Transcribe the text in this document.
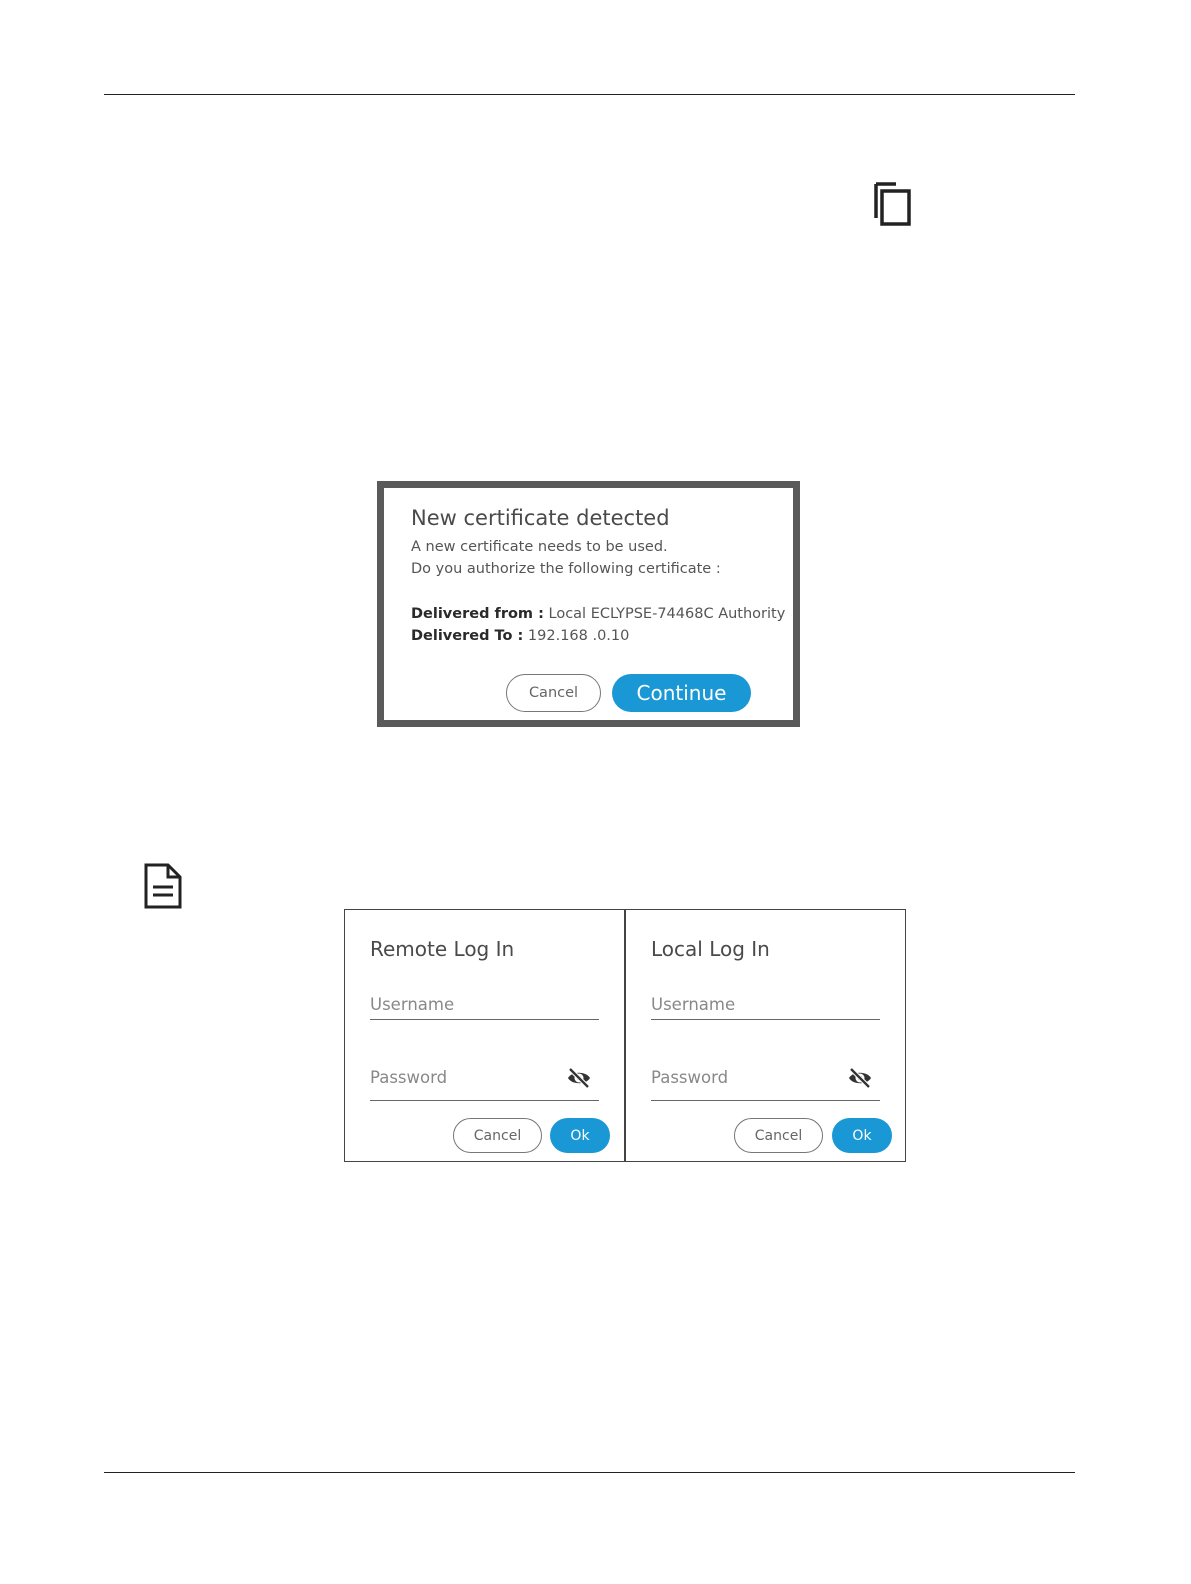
New certificate detected
A new certificate needs to be used.
Do you authorize the following certificate :
Delivered from : Local ECLYPSE-74468C Authority
Delivered To : 192.168 .0.10
Cancel	Continue
Remote Log In
Username
Password
Cancel	Ok
Local Log In
Username
Password
Cancel	Ok
